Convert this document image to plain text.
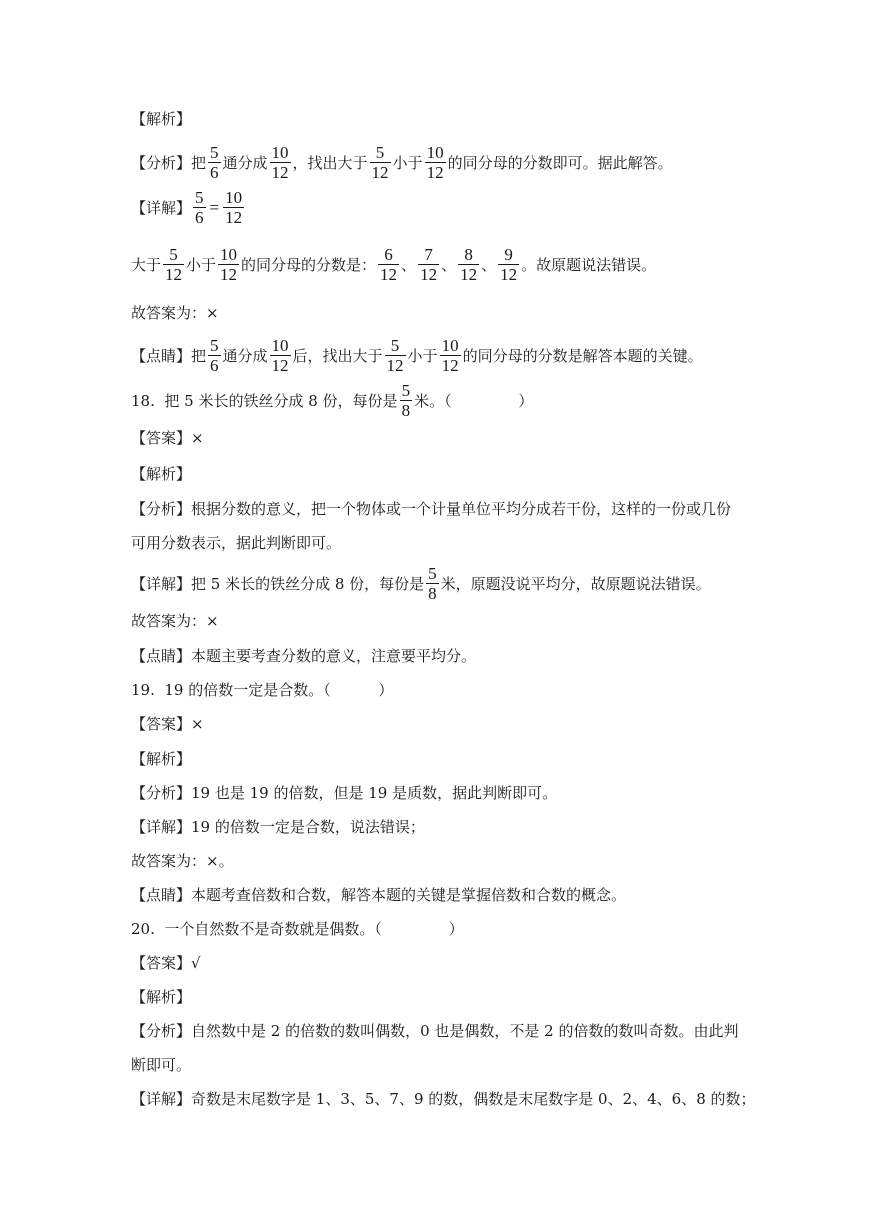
【解析】
【分析】把 $\frac{5}{6}$ 通分成 $\frac{10}{12}$ ，找出大于 $\frac{5}{12}$ 小于 $\frac{10}{12}$ 的同分母的分数即可。据此解答。
【详解】 $\frac{5}{6} = \frac{10}{12}$
大于 $\frac{5}{12}$ 小于 $\frac{10}{12}$ 的同分母的分数是： $\frac{6}{12}$ 、 $\frac{7}{12}$ 、 $\frac{8}{12}$ 、 $\frac{9}{12}$ 。故原题说法错误。
故答案为：×
【点睛】把 $\frac{5}{6}$ 通分成 $\frac{10}{12}$ 后，找出大于 $\frac{5}{12}$ 小于 $\frac{10}{12}$ 的同分母的分数是解答本题的关键。
18.  把 5 米长的铁丝分成 8 份，每份是 $\frac{5}{8}$ 米。（              ）
【答案】×
【解析】
【分析】根据分数的意义，把一个物体或一个计量单位平均分成若干份，这样的一份或几份
可用分数表示，据此判断即可。
【详解】把 5 米长的铁丝分成 8 份，每份是 $\frac{5}{8}$ 米，原题没说平均分，故原题说法错误。
故答案为：×
【点睛】本题主要考查分数的意义，注意要平均分。
19.  19 的倍数一定是合数。（          ）
【答案】×
【解析】
【分析】19 也是 19 的倍数，但是 19 是质数，据此判断即可。
【详解】19 的倍数一定是合数，说法错误；
故答案为：×。
【点睛】本题考查倍数和合数，解答本题的关键是掌握倍数和合数的概念。
20.  一个自然数不是奇数就是偶数。（              ）
【答案】√
【解析】
【分析】自然数中是 2 的倍数的数叫偶数，0 也是偶数，不是 2 的倍数的数叫奇数。由此判
断即可。
【详解】奇数是末尾数字是 1、3、5、7、9 的数，偶数是末尾数字是 0、2、4、6、8 的数；
